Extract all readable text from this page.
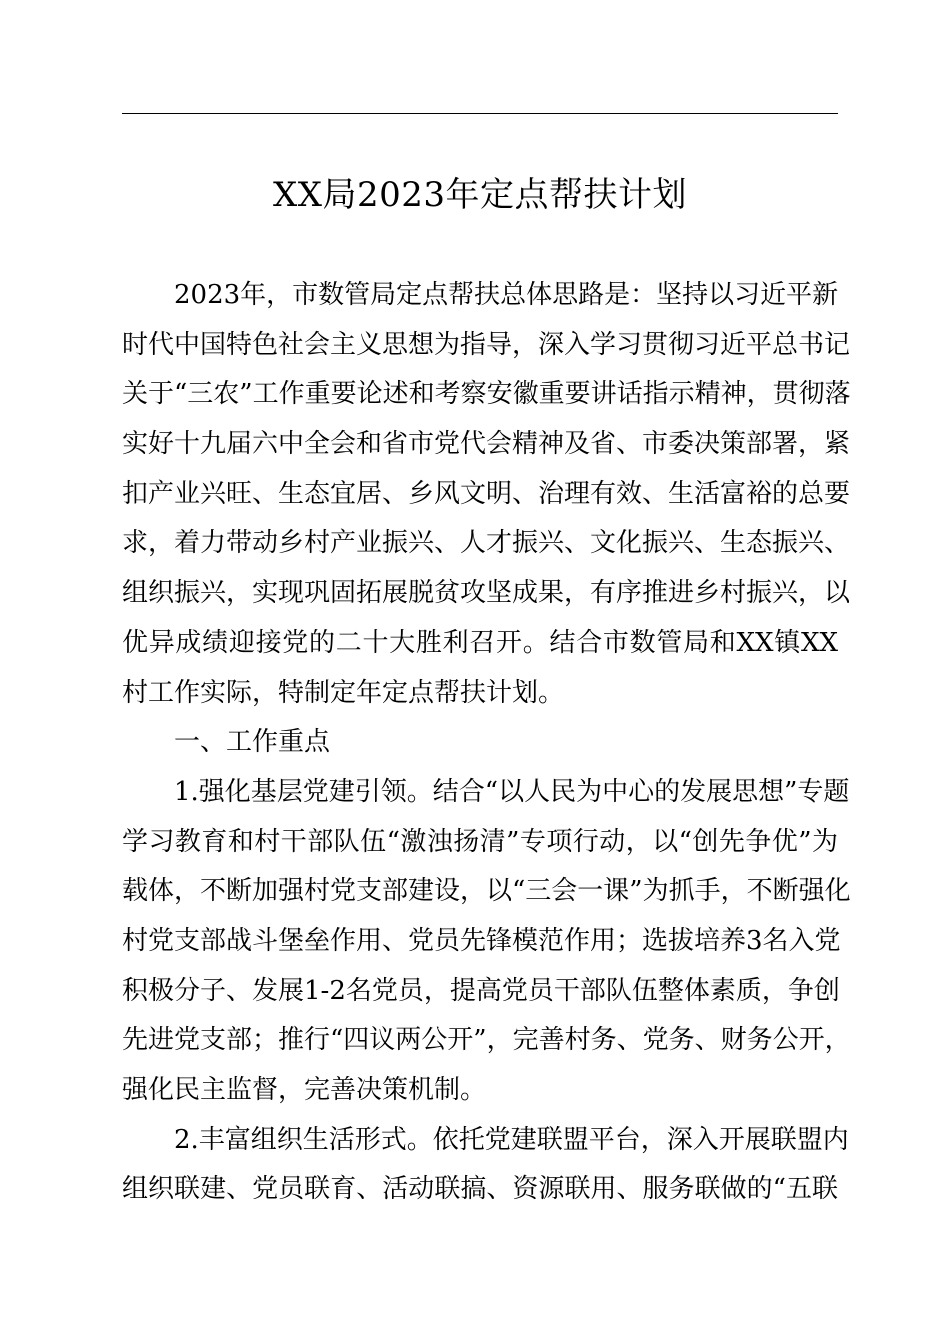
XX局2023年定点帮扶计划
2023年，市数管局定点帮扶总体思路是：坚持以习近平新
时代中国特色社会主义思想为指导，深入学习贯彻习近平总书记
关于“三农”工作重要论述和考察安徽重要讲话指示精神，贯彻落
实好十九届六中全会和省市党代会精神及省、市委决策部署，紧
扣产业兴旺、生态宜居、乡风文明、治理有效、生活富裕的总要
求，着力带动乡村产业振兴、人才振兴、文化振兴、生态振兴、
组织振兴，实现巩固拓展脱贫攻坚成果，有序推进乡村振兴，以
优异成绩迎接党的二十大胜利召开。结合市数管局和XX镇XX
村工作实际，特制定年定点帮扶计划。
一、工作重点
1.强化基层党建引领。结合“以人民为中心的发展思想”专题
学习教育和村干部队伍“激浊扬清”专项行动，以“创先争优”为
载体，不断加强村党支部建设，以“三会一课”为抓手，不断强化
村党支部战斗堡垒作用、党员先锋模范作用；选拔培养3名入党
积极分子、发展1-2名党员，提高党员干部队伍整体素质，争创
先进党支部；推行“四议两公开”，完善村务、党务、财务公开，
强化民主监督，完善决策机制。
2.丰富组织生活形式。依托党建联盟平台，深入开展联盟内
组织联建、党员联育、活动联搞、资源联用、服务联做的“五联
